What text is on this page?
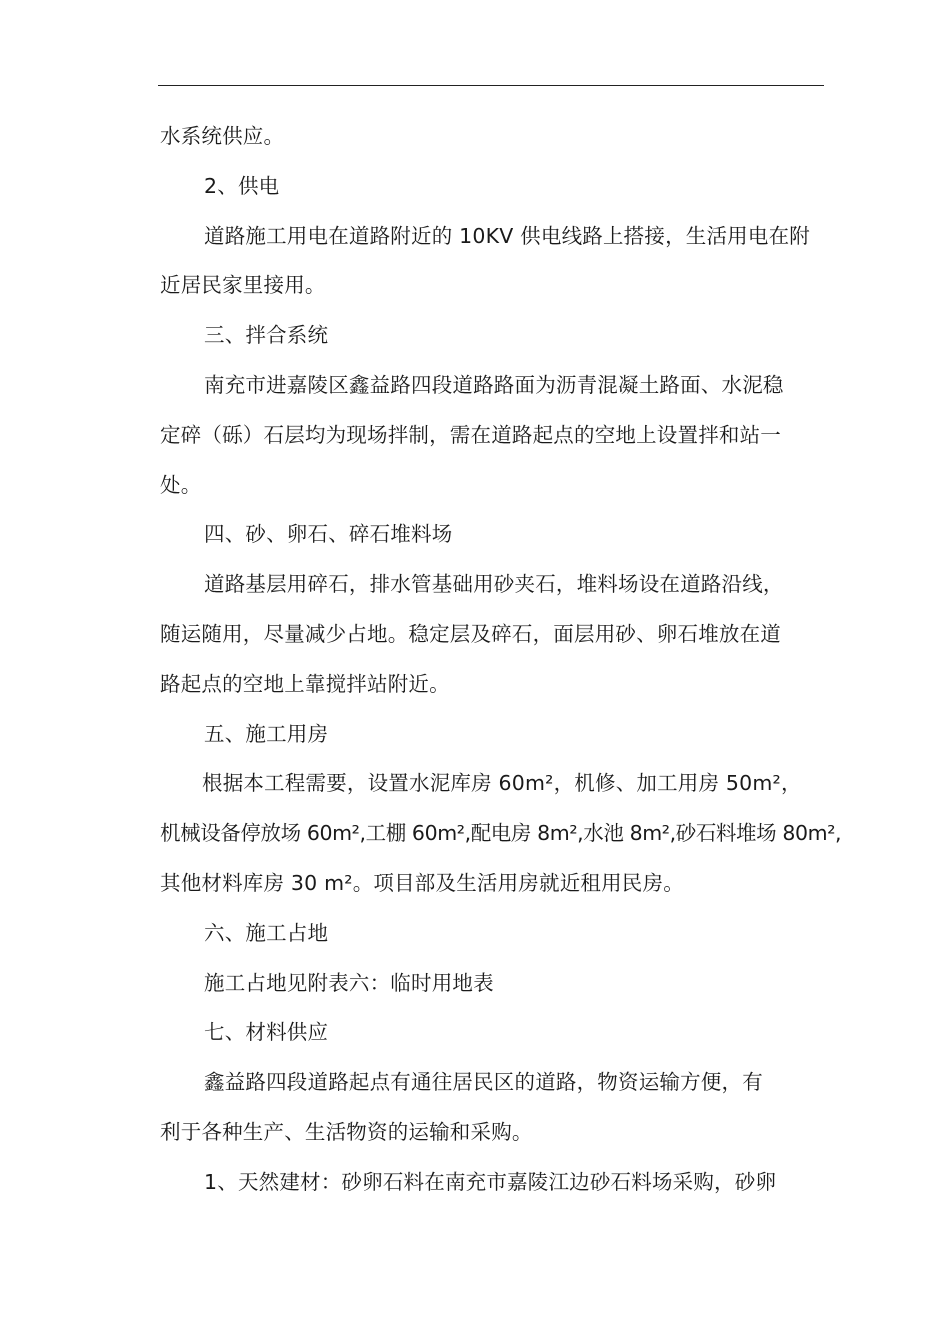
水系统供应。
2、供电
道路施工用电在道路附近的 10KV 供电线路上搭接，生活用电在附
近居民家里接用。
三、拌合系统
南充市进嘉陵区鑫益路四段道路路面为沥青混凝土路面、水泥稳
定碎（砾）石层均为现场拌制，需在道路起点的空地上设置拌和站一
处。
四、砂、卵石、碎石堆料场
道路基层用碎石，排水管基础用砂夹石，堆料场设在道路沿线，
随运随用，尽量减少占地。稳定层及碎石，面层用砂、卵石堆放在道
路起点的空地上靠搅拌站附近。
五、施工用房
根据本工程需要，设置水泥库房 60m²，机修、加工用房 50m²，
机械设备停放场 60m²,工棚 60m²,配电房 8m²,水池 8m²,砂石料堆场 80m²,
其他材料库房 30 m²。项目部及生活用房就近租用民房。
六、施工占地
施工占地见附表六：临时用地表
七、材料供应
鑫益路四段道路起点有通往居民区的道路，物资运输方便，有
利于各种生产、生活物资的运输和采购。
1、天然建材：砂卵石料在南充市嘉陵江边砂石料场采购，砂卵
